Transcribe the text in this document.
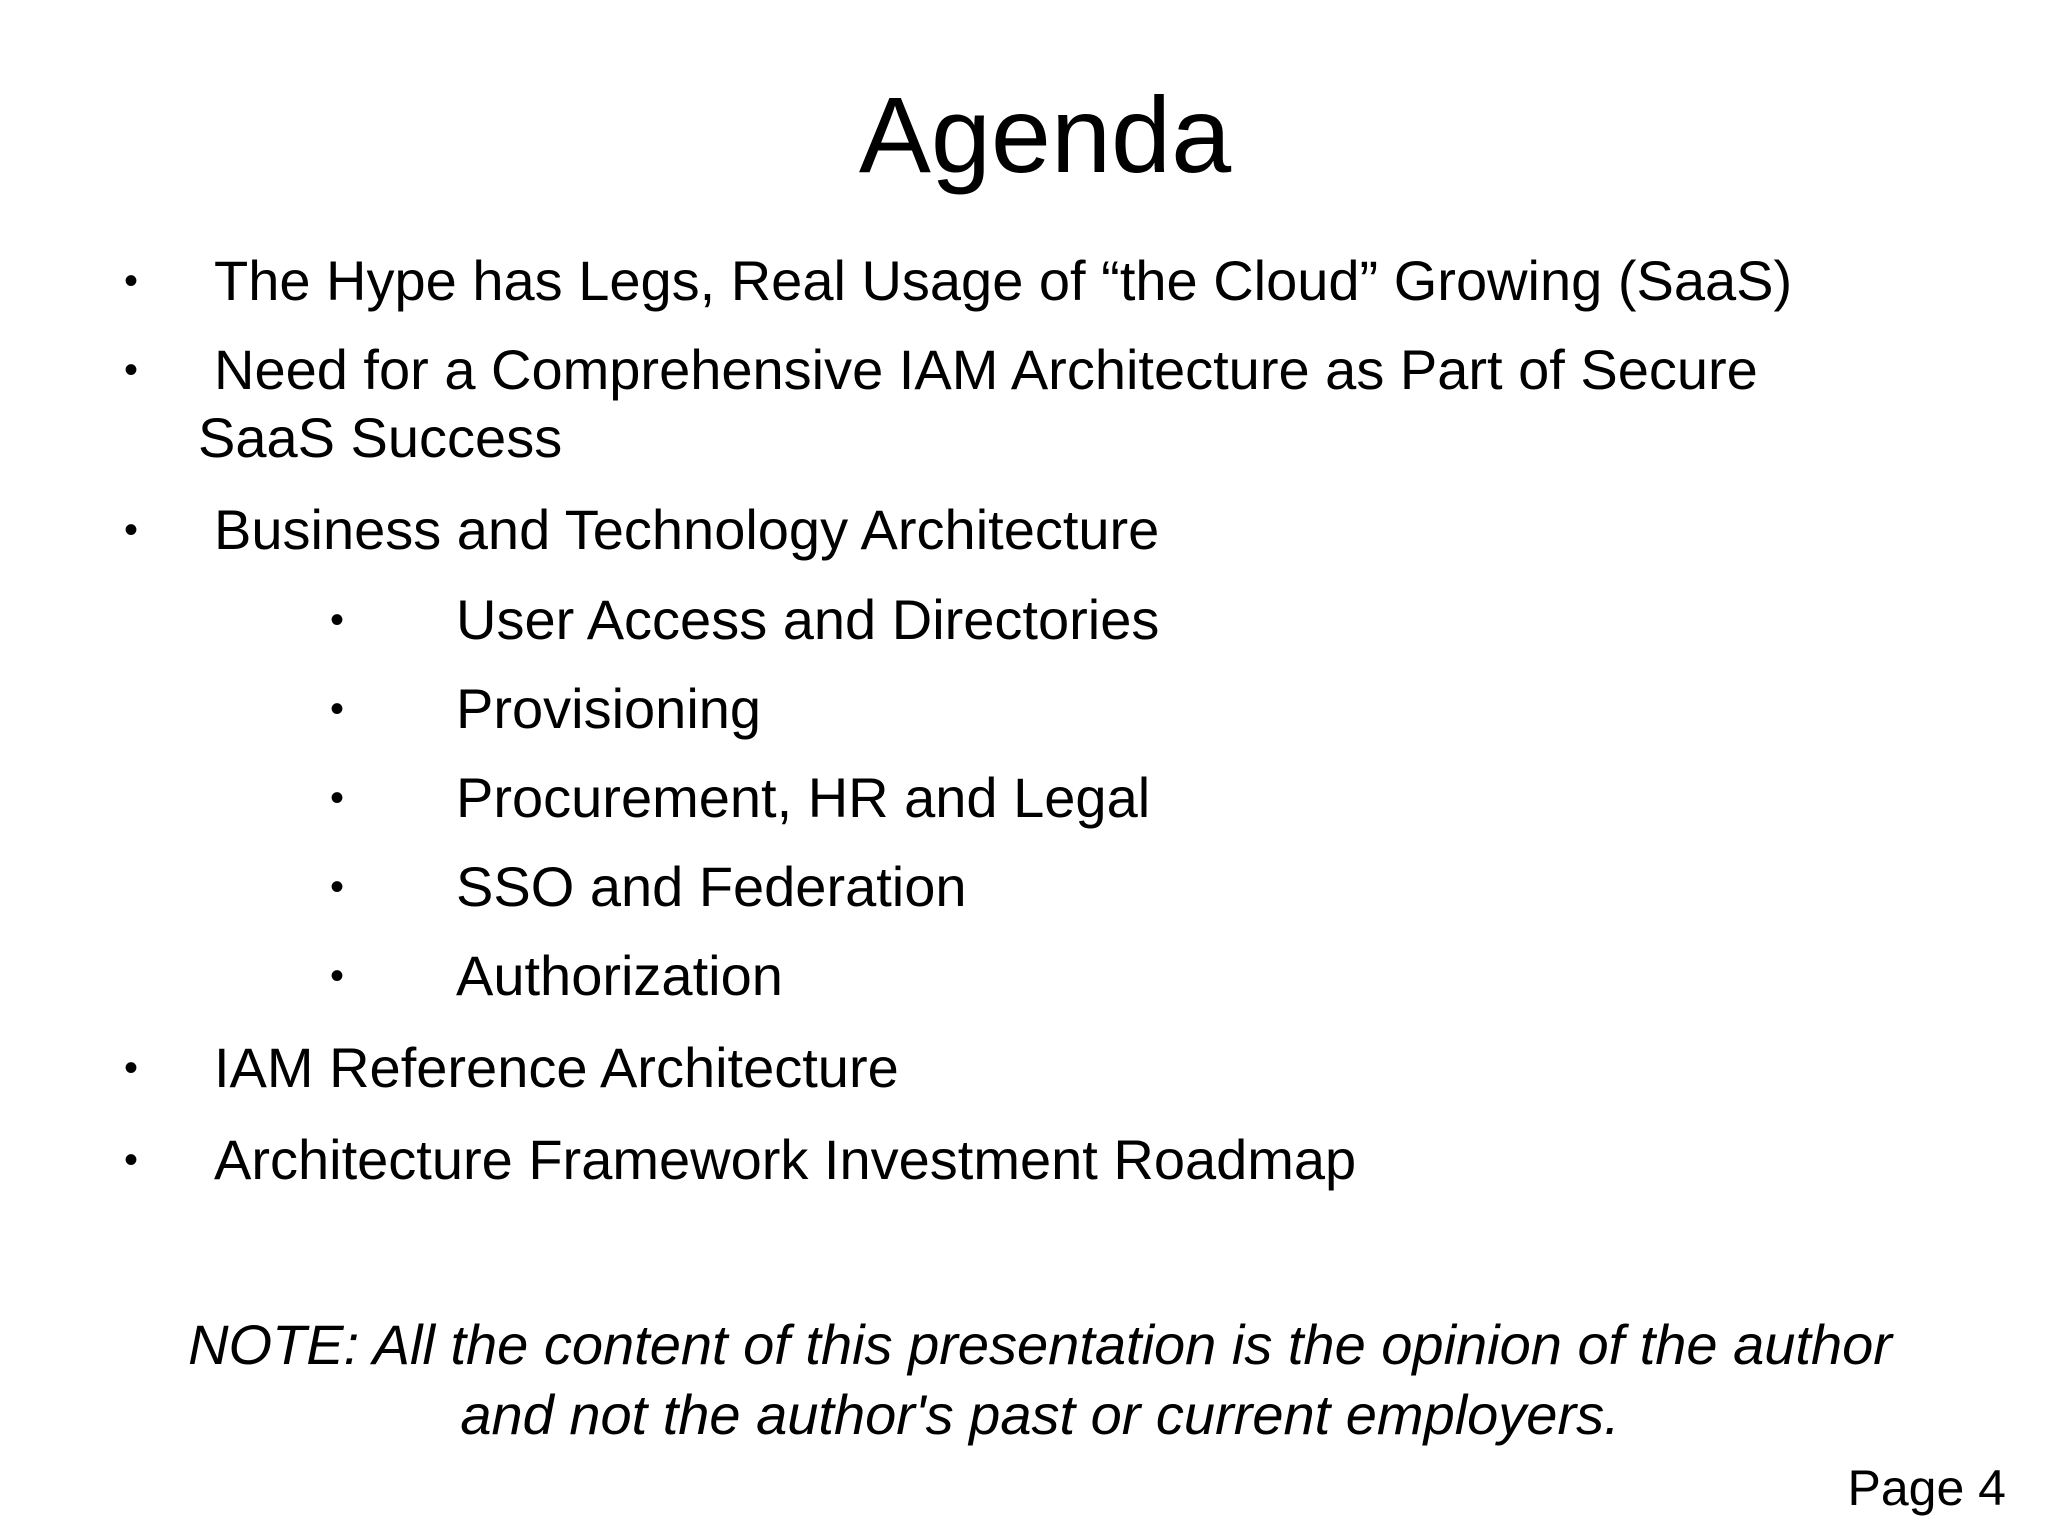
Agenda
• The Hype has Legs, Real Usage of “the Cloud” Growing (SaaS)
• Need for a Comprehensive IAM Architecture as Part of Secure
SaaS Success
• Business and Technology Architecture
• User Access and Directories
• Provisioning
• Procurement, HR and Legal
• SSO and Federation
• Authorization
• IAM Reference Architecture
• Architecture Framework Investment Roadmap
NOTE: All the content of this presentation is the opinion of the author
and not the author's past or current employers.
Page 4
